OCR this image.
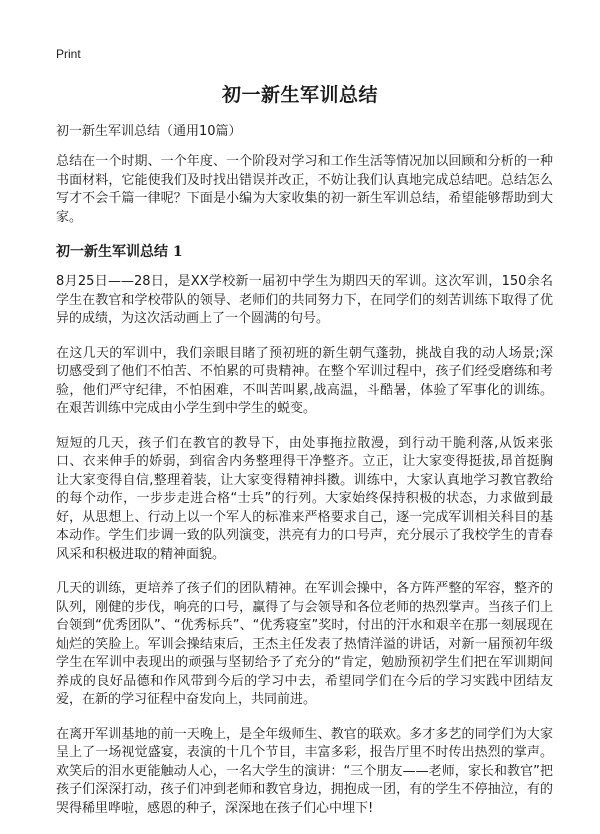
Print
初一新生军训总结
初一新生军训总结（通用10篇）

总结在一个时期、一个年度、一个阶段对学习和工作生活等情况加以回顾和分析的一种书面材料，它能使我们及时找出错误并改正，不妨让我们认真地完成总结吧。总结怎么写才不会千篇一律呢？下面是小编为大家收集的初一新生军训总结，希望能够帮助到大家。

初一新生军训总结 1

8月25日——28日，是XX学校新一届初中学生为期四天的军训。这次军训，150余名学生在教官和学校带队的领导、老师们的共同努力下，在同学们的刻苦训练下取得了优异的成绩，为这次活动画上了一个圆满的句号。

在这几天的军训中，我们亲眼目睹了预初班的新生朝气蓬勃，挑战自我的动人场景;深切感受到了他们不怕苦、不怕累的可贵精神。在整个军训过程中，孩子们经受磨练和考验，他们严守纪律，不怕困难，不叫苦叫累,战高温，斗酷暑，体验了军事化的训练。在艰苦训练中完成由小学生到中学生的蜕变。

短短的几天，孩子们在教官的教导下，由处事拖拉散漫，到行动干脆利落,从饭来张口、衣来伸手的娇弱，到宿舍内务整理得干净整齐。立正，让大家变得挺拔,昂首挺胸让大家变得自信,整理着装，让大家变得精神抖擞。训练中，大家认真地学习教官教给的每个动作，一步步走进合格“士兵”的行列。大家始终保持积极的状态，力求做到最好，从思想上、行动上以一个军人的标准来严格要求自己，逐一完成军训相关科目的基本动作。学生们步调一致的队列演变，洪亮有力的口号声，充分展示了我校学生的青春风采和积极进取的精神面貌。

几天的训练，更培养了孩子们的团队精神。在军训会操中，各方阵严整的军容，整齐的队列，刚健的步伐，响亮的口号，赢得了与会领导和各位老师的热烈掌声。当孩子们上台领到“优秀团队”、“优秀标兵”、“优秀寝室”奖时，付出的汗水和艰辛在那一刻展现在灿烂的笑脸上。军训会操结束后，王杰主任发表了热情洋溢的讲话，对新一届预初年级学生在军训中表现出的顽强与坚韧给予了充分的“肯定，勉励预初学生们把在军训期间养成的良好品德和作风带到今后的学习中去，希望同学们在今后的学习实践中团结友爱，在新的学习征程中奋发向上，共同前进。

在离开军训基地的前一天晚上，是全年级师生、教官的联欢。多才多艺的同学们为大家呈上了一场视觉盛宴，表演的十几个节目，丰富多彩，报告厅里不时传出热烈的掌声。欢笑后的泪水更能触动人心，一名大学生的演讲：“三个朋友——老师，家长和教官”把孩子们深深打动，孩子们冲到老师和教官身边，拥抱成一团，有的学生不停抽泣，有的哭得稀里哗啦，感恩的种子，深深地在孩子们心中埋下!
